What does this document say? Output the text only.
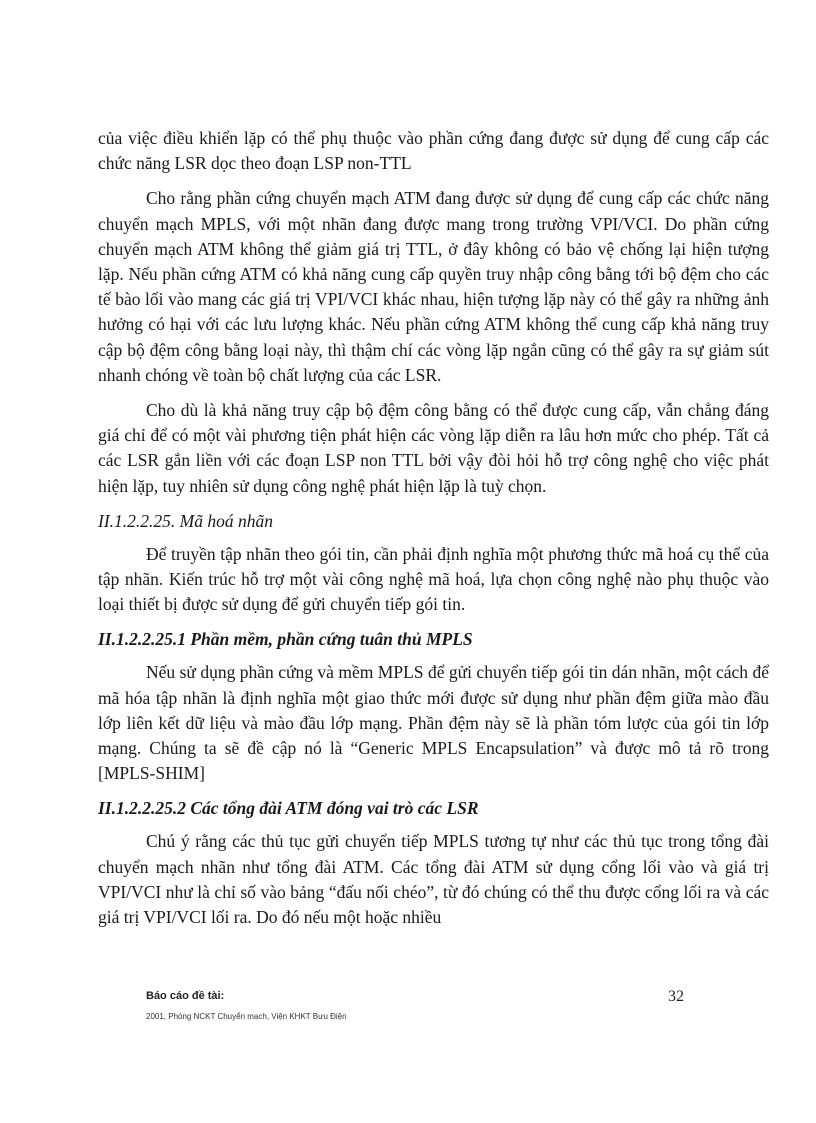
của việc điều khiển lặp có thể phụ thuộc vào phần cứng đang được sử dụng để cung cấp các chức năng LSR dọc theo đoạn LSP non-TTL

Cho rằng phần cứng chuyển mạch ATM đang được sử dụng để cung cấp các chức năng chuyển mạch MPLS, với một nhãn đang được mang trong trường VPI/VCI. Do phần cứng chuyển mạch ATM không thể giảm giá trị TTL, ở đây không có bảo vệ chống lại hiện tượng lặp. Nếu phần cứng ATM có khả năng cung cấp quyền truy nhập công bằng tới bộ đệm cho các tế bào lối vào mang các giá trị VPI/VCI khác nhau, hiện tượng lặp này có thể gây ra những ảnh hưởng có hại với các lưu lượng khác. Nếu phần cứng ATM không thể cung cấp khả năng truy cập bộ đệm công bằng loại này, thì thậm chí các vòng lặp ngắn cũng có thể gây ra sự giảm sút nhanh chóng về toàn bộ chất lượng của các LSR.

Cho dù là khả năng truy cập bộ đệm công bằng có thể được cung cấp, vẫn chẳng đáng giá chỉ để có một vài phương tiện phát hiện các vòng lặp diễn ra lâu hơn mức cho phép. Tất cả các LSR gắn liền với các đoạn LSP non TTL bởi vậy đòi hỏi hỗ trợ công nghệ cho việc phát hiện lặp, tuy nhiên sử dụng công nghệ phát hiện lặp là tuỳ chọn.

II.1.2.2.25. Mã hoá nhãn

Để truyền tập nhãn theo gói tin, cần phải định nghĩa một phương thức mã hoá cụ thể của tập nhãn. Kiến trúc hỗ trợ một vài công nghệ mã hoá, lựa chọn công nghệ nào phụ thuộc vào loại thiết bị được sử dụng để gửi chuyển tiếp gói tin.

II.1.2.2.25.1 Phần mềm, phần cứng tuân thủ MPLS

Nếu sử dụng phần cứng và mềm MPLS để gửi chuyển tiếp gói tin dán nhãn, một cách để mã hóa tập nhãn là định nghĩa một giao thức mới được sử dụng như phần đệm giữa mào đầu lớp liên kết dữ liệu và mào đầu lớp mạng. Phần đệm này sẽ là phần tóm lược của gói tin lớp mạng. Chúng ta sẽ đề cập nó là “Generic MPLS Encapsulation” và được mô tả rõ trong [MPLS-SHIM]

II.1.2.2.25.2 Các tổng đài ATM đóng vai trò các LSR

Chú ý rằng các thủ tục gửi chuyển tiếp MPLS tương tự như các thủ tục trong tổng đài chuyển mạch nhãn như tổng đài ATM. Các tổng đài ATM sử dụng cổng lối vào và giá trị VPI/VCI như là chỉ số vào bảng “đấu nối chéo”, từ đó chúng có thể thu được cổng lối ra và các giá trị VPI/VCI lối ra. Do đó nếu một hoặc nhiều

Báo cáo đề tài:
2001, Phòng NCKT Chuyển mạch, Viện KHKT Bưu Điện
32
